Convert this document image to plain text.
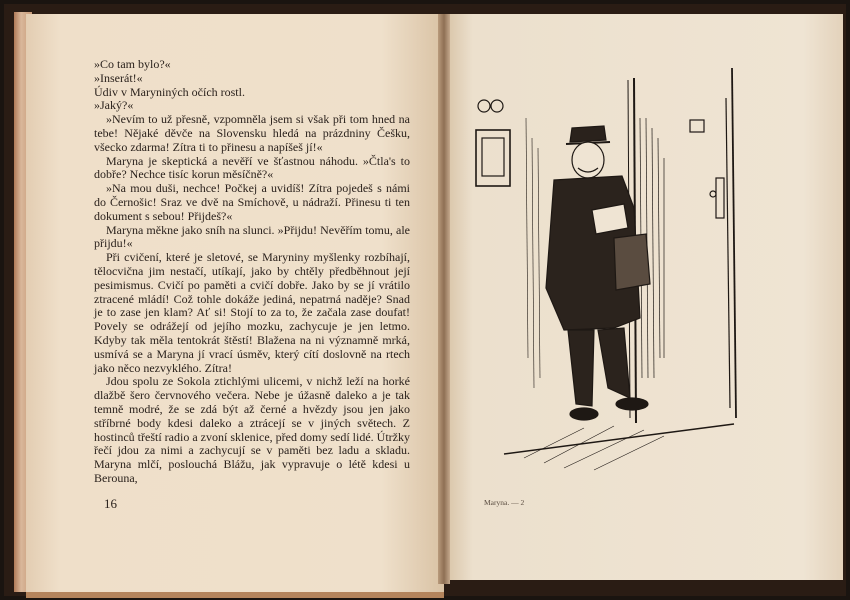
»Co tam bylo?«

»Inserát!«

Údiv v Maryniných očích rostl.

»Jaký?«

»Nevím to už přesně, vzpomněla jsem si však při tom hned na tebe! Nějaké děvče na Slovensku hledá na prázdniny Češku, všecko zdarma! Zítra ti to přinesu a napíšeš jí!«

Maryna je skeptická a nevěří ve šťastnou náhodu. »Čtla's to dobře? Nechce tisíc korun měsíčně?«

»Na mou duši, nechce! Počkej a uvidíš! Zítra pojedeš s námi do Černošic! Sraz ve dvě na Smíchově, u nádraží. Přinesu ti ten dokument s sebou! Přijdeš?«

Maryna měkne jako sníh na slunci. »Přijdu! Nevěřím tomu, ale přijdu!«

Při cvičení, které je sletové, se Maryniny myšlenky rozbíhají, tělocvična jim nestačí, utíkají, jako by chtěly předběhnout její pesimismus. Cvičí po paměti a cvičí dobře. Jako by se jí vrátilo ztracené mládí! Což tohle dokáže jediná, nepatrná naděje? Snad je to zase jen klam? Ať si! Stojí to za to, že začala zase doufat! Povely se odrážejí od jejího mozku, zachycuje je jen letmo. Kdyby tak měla tentokrát štěstí! Blažena na ni významně mrká, usmívá se a Maryna jí vrací úsměv, který cítí doslovně na rtech jako něco nezvyklého. Zítra!

Jdou spolu ze Sokola ztichlými ulicemi, v nichž leží na horké dlažbě šero červnového večera. Nebe je úžasně daleko a je tak temně modré, že se zdá být až černé a hvězdy jsou jen jako stříbrné body kdesi daleko a ztrácejí se v jiných světech. Z hostinců třeští radio a zvoní sklenice, před domy sedí lidé. Útržky řečí jdou za nimi a zachycují se v paměti bez ladu a skladu. Maryna mlčí, poslouchá Blážu, jak vypravuje o létě kdesi u Berouna,

16	Maryna. — 2
